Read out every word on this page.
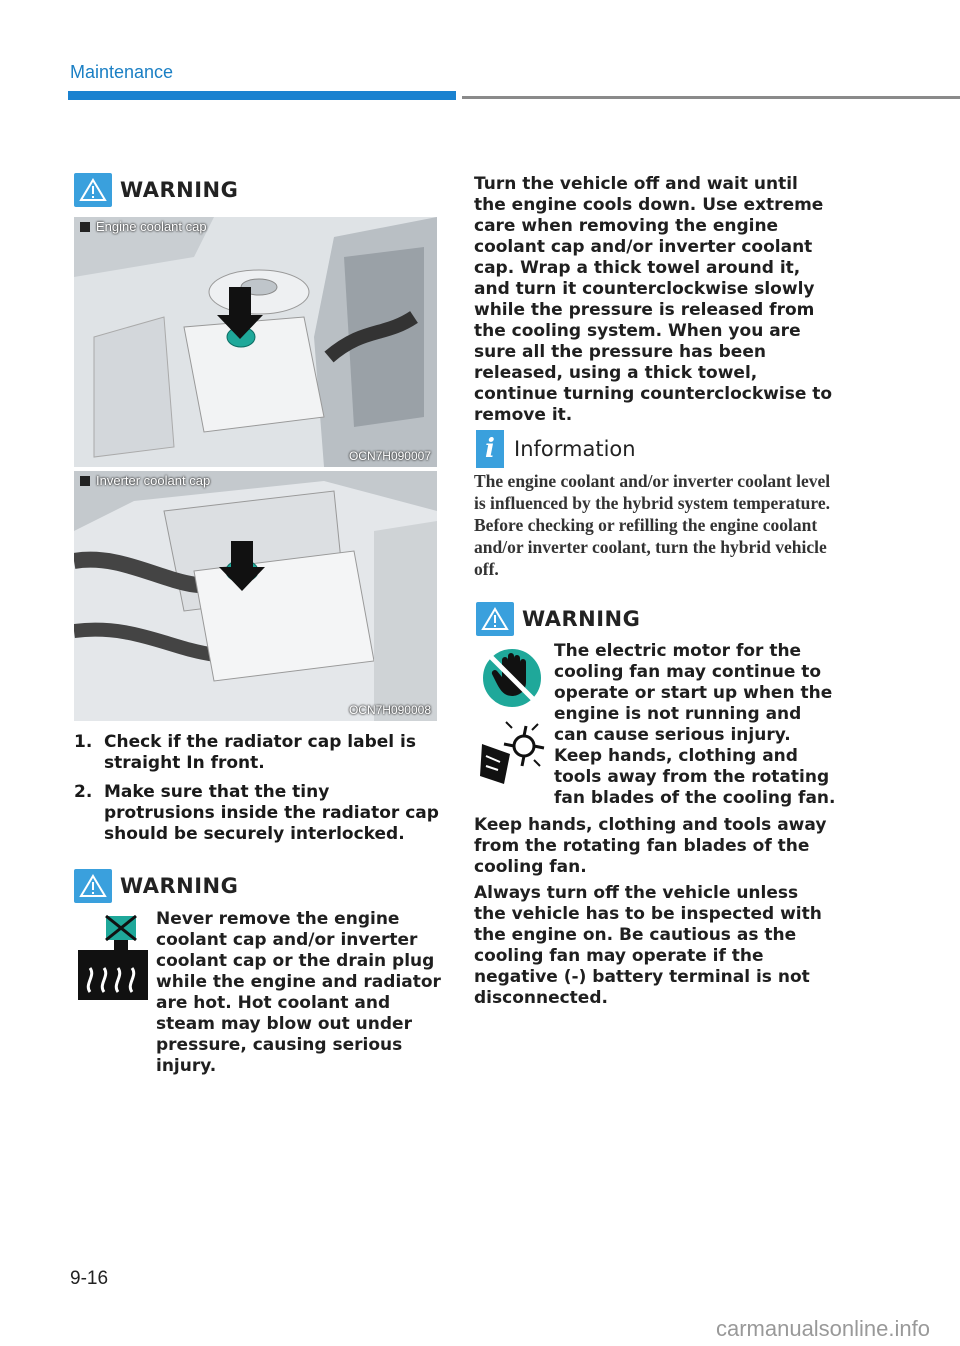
Maintenance
WARNING
Engine coolant cap
OCN7H090007
Inverter coolant cap
OCN7H090008
1. Check if the radiator cap label is straight In front.
2. Make sure that the tiny protrusions inside the radiator cap should be securely interlocked.
WARNING
Never remove the engine coolant cap and/or inverter coolant cap or the drain plug while the engine and radiator are hot. Hot coolant and steam may blow out under pressure, causing serious injury.
Turn the vehicle off and wait until the engine cools down. Use extreme care when removing the engine coolant cap and/or inverter coolant cap. Wrap a thick towel around it, and turn it counterclockwise slowly while the pressure is released from the cooling system. When you are sure all the pressure has been released, using a thick towel, continue turning counterclockwise to remove it.
i Information
The engine coolant and/or inverter coolant level is influenced by the hybrid system temperature. Before checking or refilling the engine coolant and/or inverter coolant, turn the hybrid vehicle off.
WARNING
The electric motor for the cooling fan may continue to operate or start up when the engine is not running and can cause serious injury. Keep hands, clothing and tools away from the rotating fan blades of the cooling fan.
Keep hands, clothing and tools away from the rotating fan blades of the cooling fan.
Always turn off the vehicle unless the vehicle has to be inspected with the engine on. Be cautious as the cooling fan may operate if the negative (-) battery terminal is not disconnected.
9-16
carmanualsonline.info
